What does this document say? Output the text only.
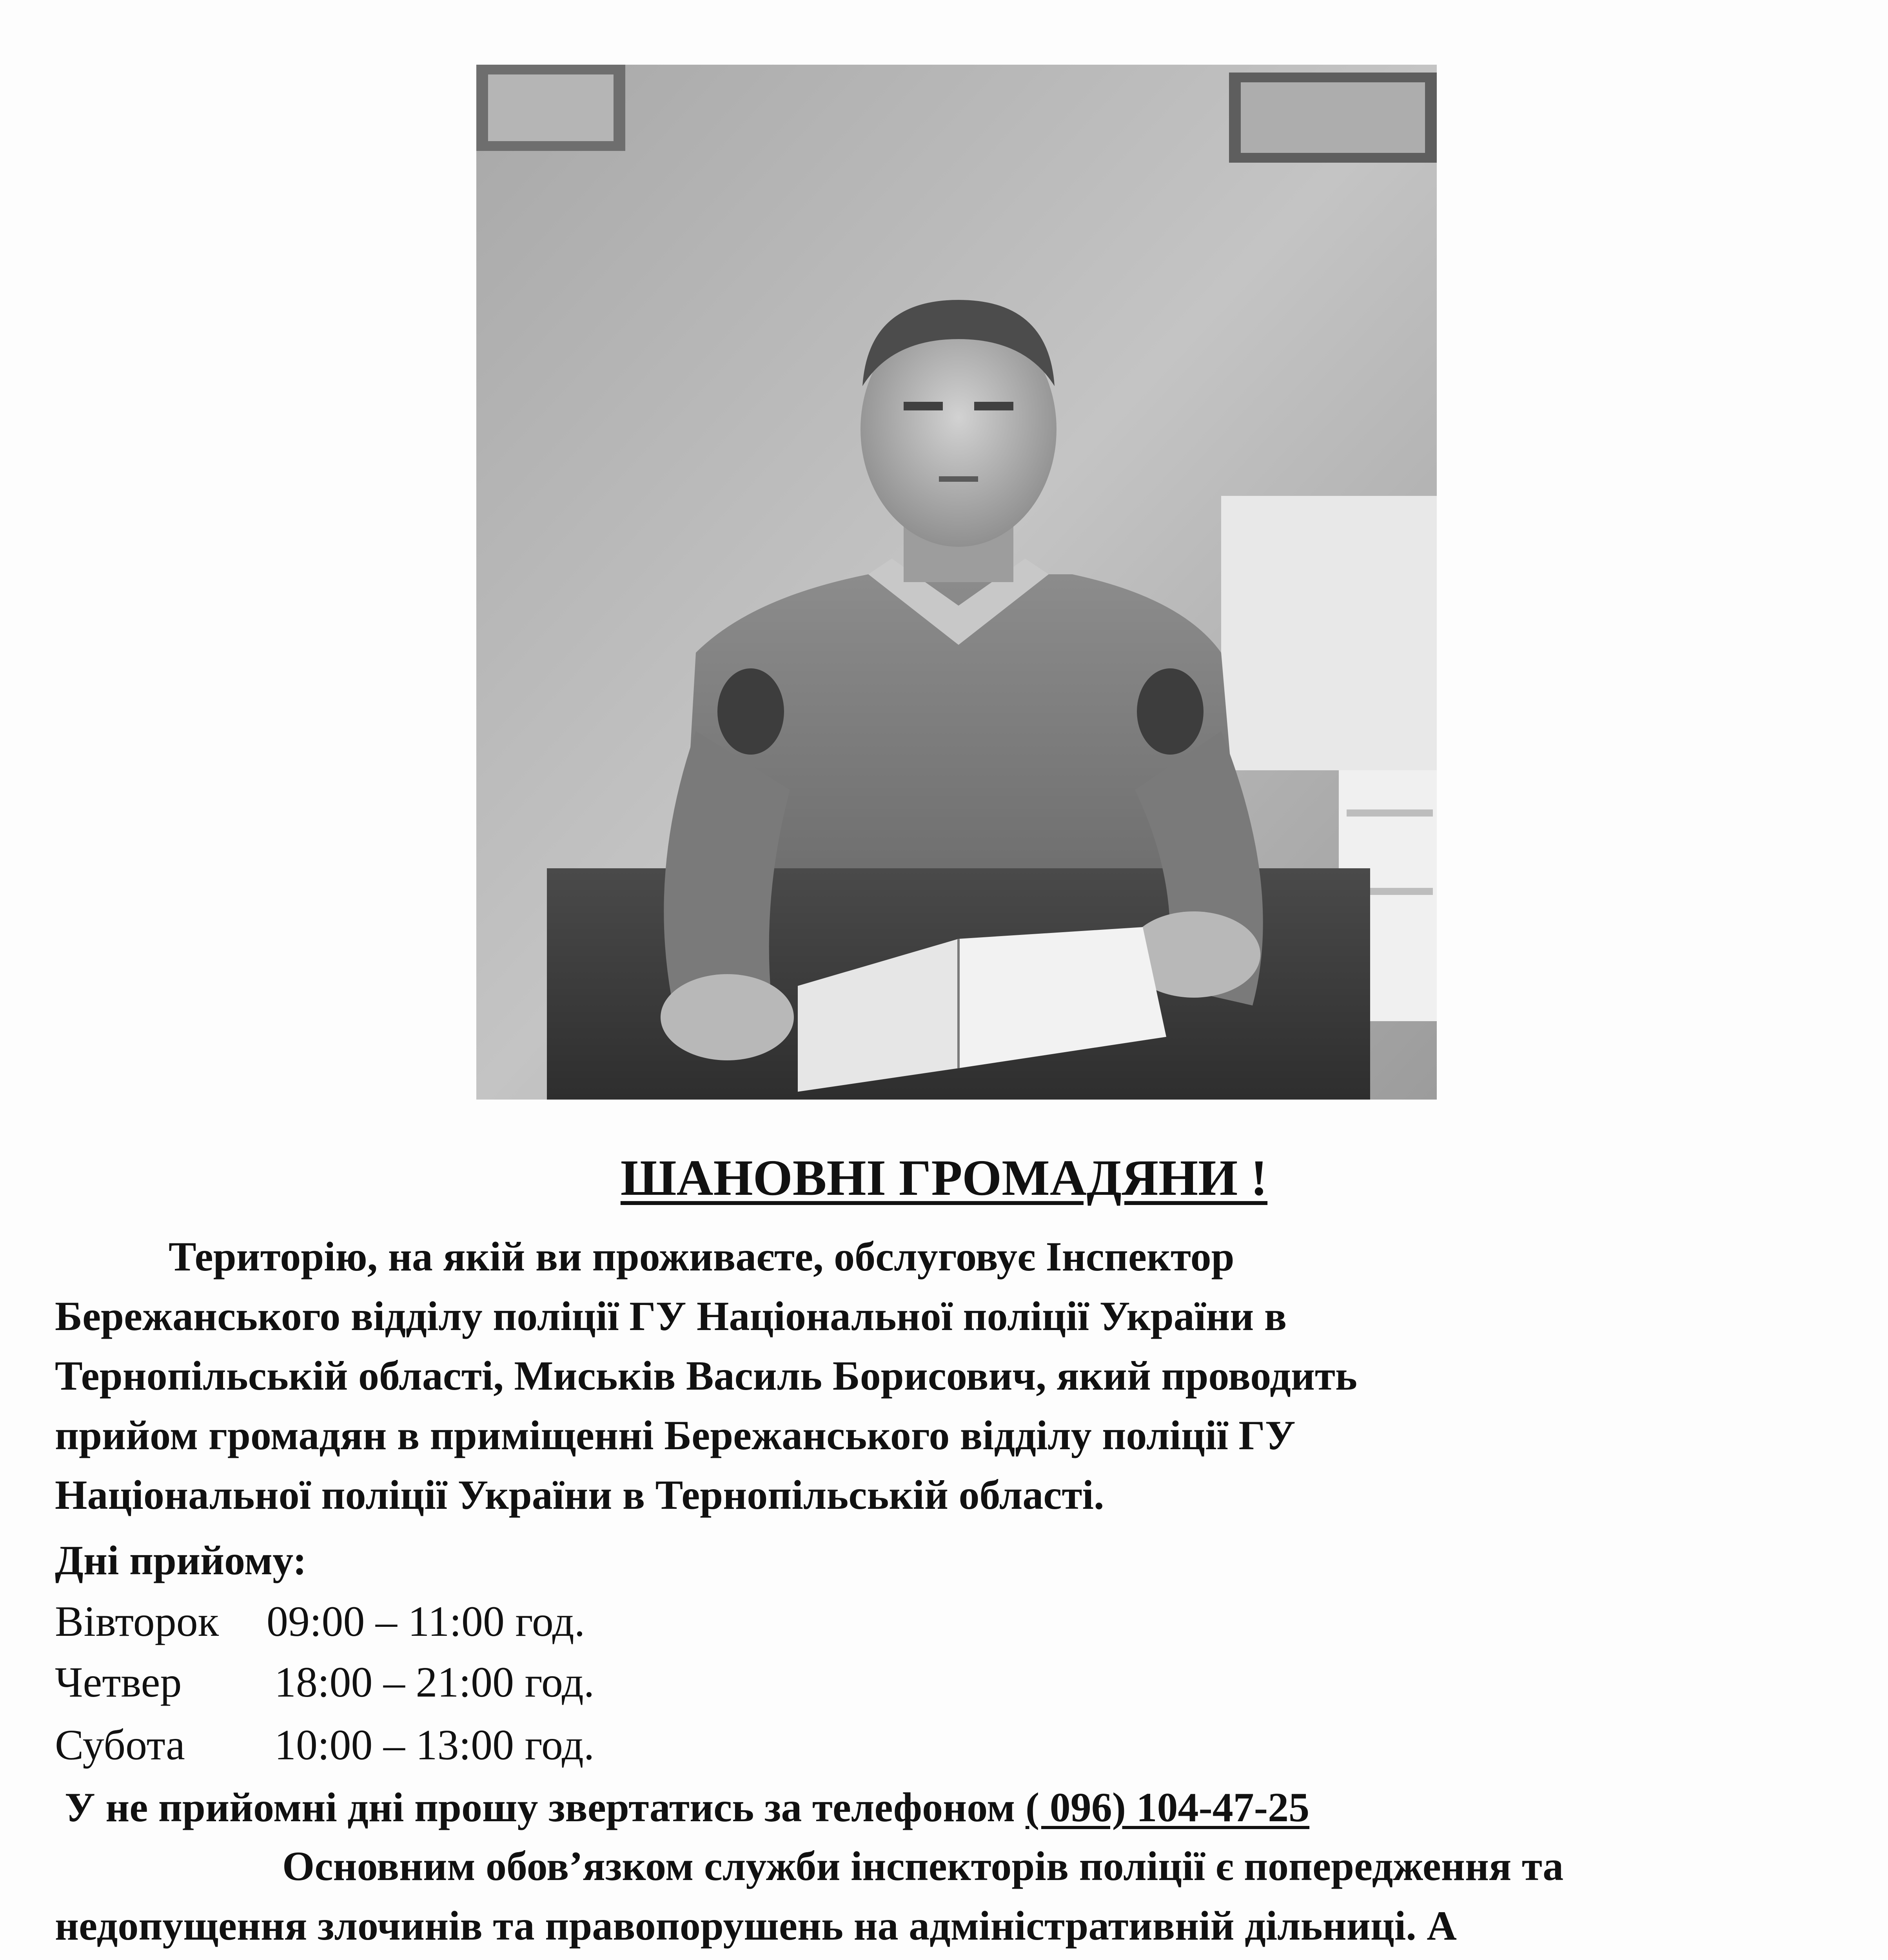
ШАНОВНІ ГРОМАДЯНИ !
Територію, на якій ви проживаєте, обслуговує Інспектор
Бережанського відділу поліції ГУ Національної поліції України в
Тернопільській області, Миськів Василь Борисович, який проводить
прийом громадян в приміщенні Бережанського відділу поліції ГУ
Національної поліції України в Тернопільській області.
Дні прийому:
Вівторок 09:00 – 11:00 год.
Четвер 18:00 – 21:00 год.
Субота 10:00 – 13:00 год.
У не прийомні дні прошу звертатись за телефоном ( 096) 104-47-25
Основним обов’язком служби інспекторів поліції є попередження та
недопущення злочинів та правопорушень на адміністративній дільниці. А
